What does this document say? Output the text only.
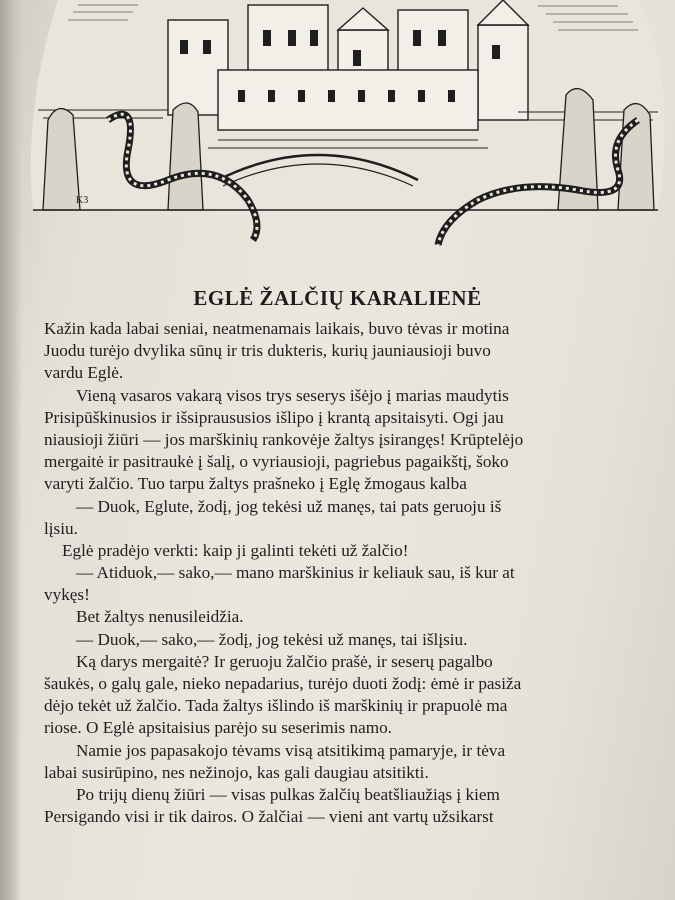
K3
EGLĖ ŽALČIŲ KARALIENĖ
Kažin kada labai seniai, neatmenamais laikais, buvo tėvas ir motina
Juodu turėjo dvylika sūnų ir tris dukteris, kurių jauniausioji buvo
vardu Eglė.
Vieną vasaros vakarą visos trys seserys išėjo į marias maudytis
Prisipūškinusios ir išsipraususios išlipo į krantą apsitaisyti. Ogi jau
niausioji žiūri — jos marškinių rankovėje žaltys įsirangęs! Krūptelėjo
mergaitė ir pasitraukė į šalį, o vyriausioji, pagriebus pagaikštį, šoko
varyti žalčio. Tuo tarpu žaltys prašneko į Eglę žmogaus kalba
— Duok, Eglute, žodį, jog tekėsi už manęs, tai pats geruoju iš
lįsiu.
Eglė pradėjo verkti: kaip ji galinti tekėti už žalčio!
— Atiduok,— sako,— mano marškinius ir keliauk sau, iš kur at
vykęs!
Bet žaltys nenusileidžia.
— Duok,— sako,— žodį, jog tekėsi už manęs, tai išlįsiu.
Ką darys mergaitė? Ir geruoju žalčio prašė, ir seserų pagalbo
šaukės, o galų gale, nieko nepadarius, turėjo duoti žodį: ėmė ir pasiža
dėjo tekėt už žalčio. Tada žaltys išlindo iš marškinių ir prapuolė ma
riose. O Eglė apsitaisius parėjo su seserimis namo.
Namie jos papasakojo tėvams visą atsitikimą pamaryje, ir tėva
labai susirūpino, nes nežinojo, kas gali daugiau atsitikti.
Po trijų dienų žiūri — visas pulkas žalčių beatšliaužiąs į kiem
Persigando visi ir tik dairos. O žalčiai — vieni ant vartų užsikarst
